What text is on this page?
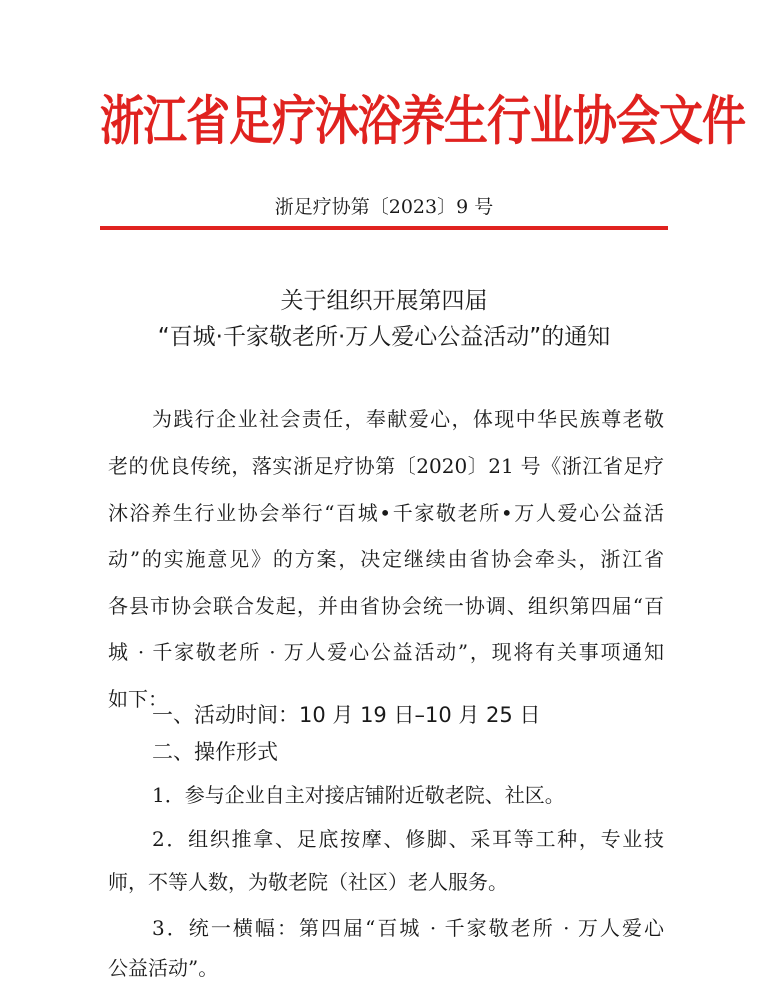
浙江省足疗沐浴养生行业协会文件
浙足疗协第〔2023〕9 号
关于组织开展第四届
“百城·千家敬老所·万人爱心公益活动”的通知
为践行企业社会责任，奉献爱心，体现中华民族尊老敬
老的优良传统，落实浙足疗协第〔2020〕21 号《浙江省足疗
沐浴养生行业协会举行“百城•千家敬老所•万人爱心公益活
动”的实施意见》的方案，决定继续由省协会牵头，浙江省
各县市协会联合发起，并由省协会统一协调、组织第四届“百
城 · 千家敬老所 · 万人爱心公益活动”，现将有关事项通知
如下：
一、活动时间：10 月 19 日–10 月 25 日
二、操作形式
1．参与企业自主对接店铺附近敬老院、社区。
2．组织推拿、足底按摩、修脚、采耳等工种，专业技
师，不等人数，为敬老院（社区）老人服务。
3．统一横幅：第四届“百城 · 千家敬老所 · 万人爱心
公益活动”。
